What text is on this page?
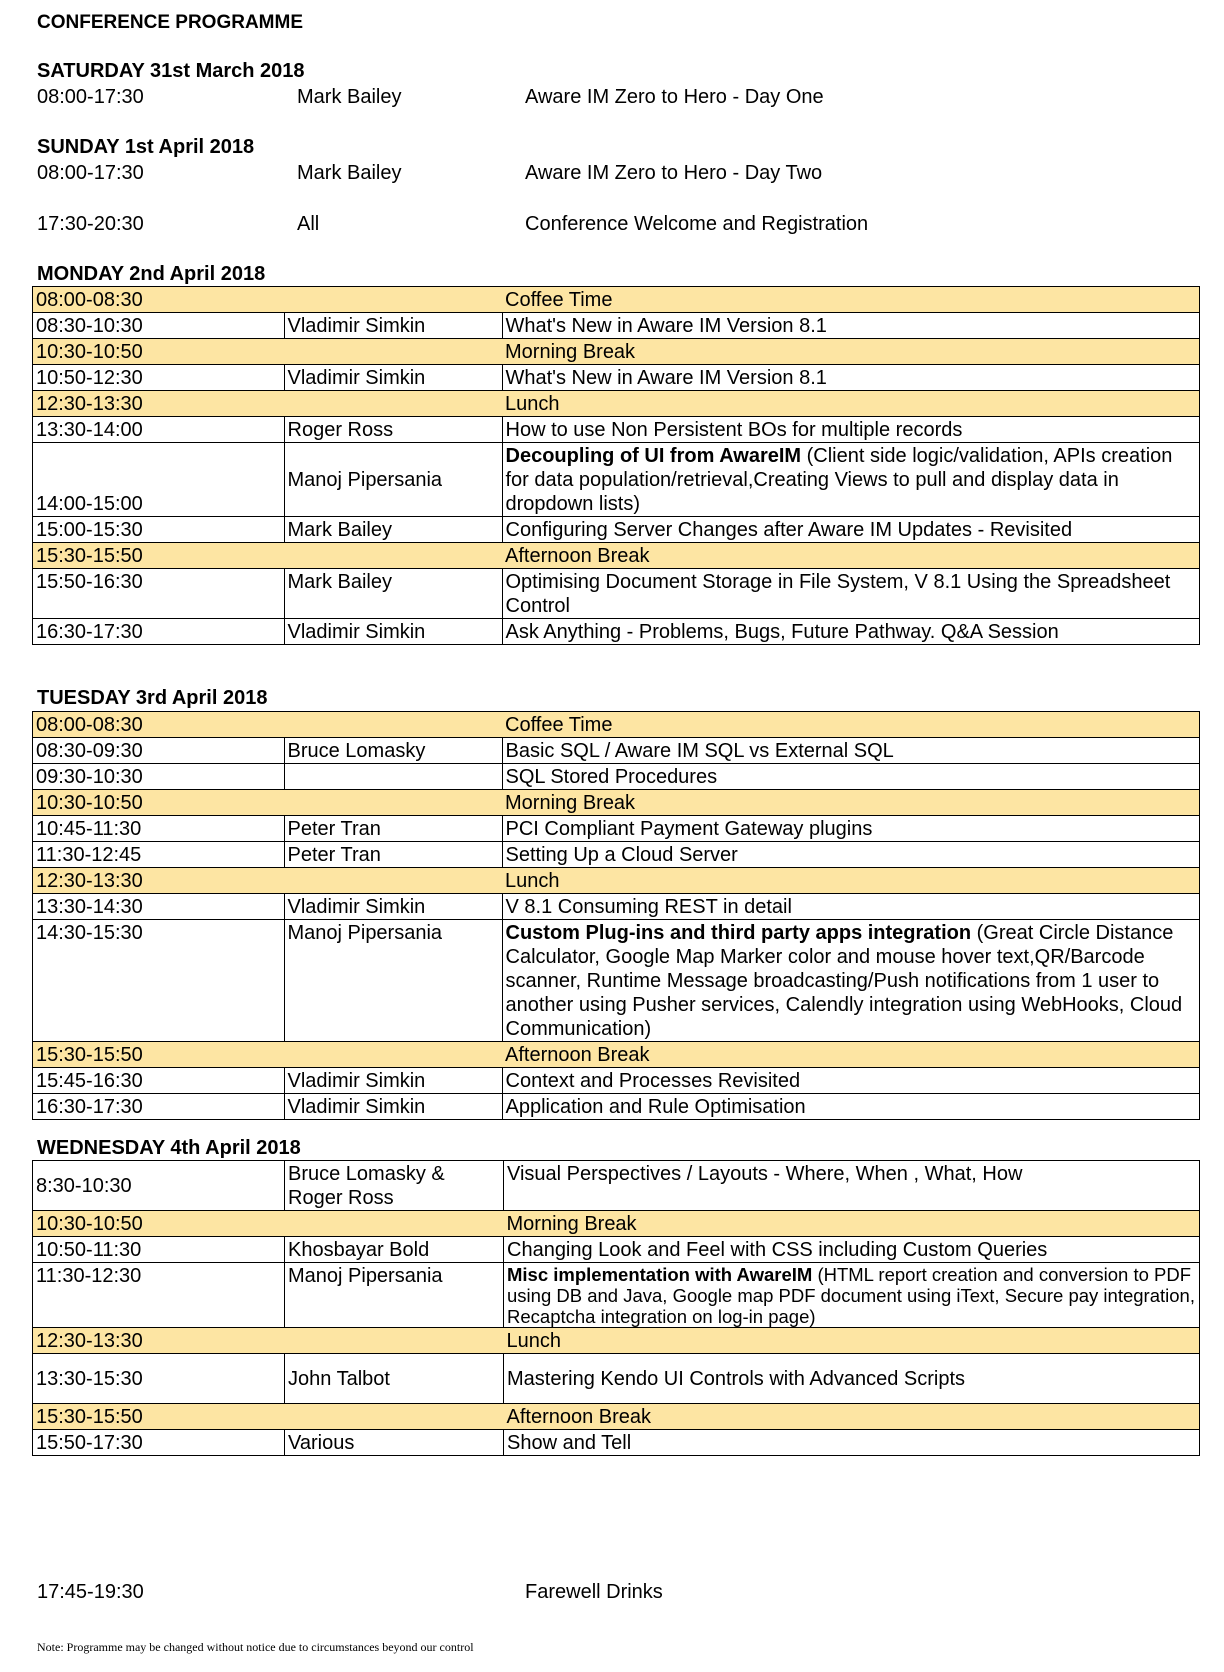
CONFERENCE PROGRAMME
SATURDAY 31st March 2018
08:00-17:30	Mark Bailey	Aware IM Zero to Hero - Day One
SUNDAY 1st April 2018
08:00-17:30	Mark Bailey	Aware IM Zero to Hero - Day Two
17:30-20:30	All	Conference Welcome and Registration
MONDAY 2nd April 2018
08:00-08:30		Coffee Time
08:30-10:30	Vladimir Simkin	What's New in Aware IM Version 8.1
10:30-10:50		Morning Break
10:50-12:30	Vladimir Simkin	What's New in Aware IM Version 8.1
12:30-13:30		Lunch
13:30-14:00	Roger Ross	How to use Non Persistent BOs for multiple records
14:00-15:00	Manoj Pipersania	Decoupling of UI from AwareIM (Client side logic/validation, APIs creation for data population/retrieval,Creating Views to pull and display data in dropdown lists)
15:00-15:30	Mark Bailey	Configuring Server Changes after Aware IM Updates - Revisited
15:30-15:50		Afternoon Break
15:50-16:30	Mark Bailey	Optimising Document Storage in File System, V 8.1 Using the Spreadsheet Control
16:30-17:30	Vladimir Simkin	Ask Anything - Problems, Bugs, Future Pathway. Q&A Session
TUESDAY 3rd April 2018
08:00-08:30		Coffee Time
08:30-09:30	Bruce Lomasky	Basic SQL / Aware IM SQL vs External SQL
09:30-10:30		SQL Stored Procedures
10:30-10:50		Morning Break
10:45-11:30	Peter Tran	PCI Compliant Payment Gateway plugins
11:30-12:45	Peter Tran	Setting Up a Cloud Server
12:30-13:30		Lunch
13:30-14:30	Vladimir Simkin	V 8.1 Consuming REST in detail
14:30-15:30	Manoj Pipersania	Custom Plug-ins and third party apps integration (Great Circle Distance Calculator, Google Map Marker color and mouse hover text,QR/Barcode scanner, Runtime Message broadcasting/Push notifications from 1 user to another using Pusher services, Calendly integration using WebHooks, Cloud Communication)
15:30-15:50		Afternoon Break
15:45-16:30	Vladimir Simkin	Context and Processes Revisited
16:30-17:30	Vladimir Simkin	Application and Rule Optimisation
WEDNESDAY 4th April 2018
8:30-10:30	Bruce Lomasky & Roger Ross	Visual Perspectives / Layouts - Where, When , What, How
10:30-10:50		Morning Break
10:50-11:30	Khosbayar Bold	Changing Look and Feel with CSS including Custom Queries
11:30-12:30	Manoj Pipersania	Misc implementation with AwareIM (HTML report creation and conversion to PDF using DB and Java, Google map PDF document using iText, Secure pay integration, Recaptcha integration on log-in page)
12:30-13:30		Lunch
13:30-15:30	John Talbot	Mastering Kendo UI Controls with Advanced Scripts
15:30-15:50		Afternoon Break
15:50-17:30	Various	Show and Tell
17:45-19:30	Farewell Drinks
Note: Programme may be changed without notice due to circumstances beyond our control
